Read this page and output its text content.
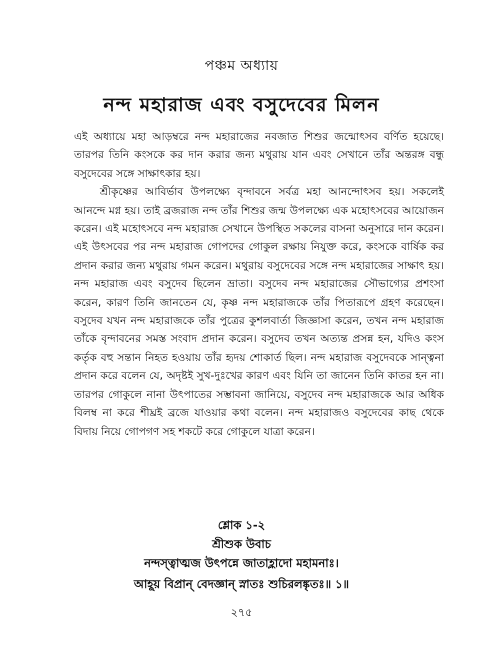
পঞ্চম অধ্যায়
নন্দ মহারাজ এবং বসুদেবের মিলন

এই অধ্যায়ে মহা আড়ম্বরে নন্দ মহারাজের নবজাত শিশুর জন্মোৎসব বর্ণিত হয়েছে। তারপর তিনি কংসকে কর দান করার জন্য মথুরায় যান এবং সেখানে তাঁর অন্তরঙ্গ বন্ধু বসুদেবের সঙ্গে সাক্ষাৎকার হয়।

শ্রীকৃষ্ণের আবির্ভাব উপলক্ষ্যে বৃন্দাবনে সর্বত্র মহা আনন্দোৎসব হয়। সকলেই আনন্দে মগ্ন হয়। তাই ব্রজরাজ নন্দ তাঁর শিশুর জন্ম উপলক্ষ্যে এক মহোৎসবের আয়োজন করেন। এই মহোৎসবে নন্দ মহারাজ সেখানে উপস্থিত সকলের বাসনা অনুসারে দান করেন। এই উৎসবের পর নন্দ মহারাজ গোপদের গোকুল রক্ষায় নিযুক্ত করে, কংসকে বার্ষিক কর প্রদান করার জন্য মথুরায় গমন করেন। মথুরায় বসুদেবের সঙ্গে নন্দ মহারাজের সাক্ষাৎ হয়। নন্দ মহারাজ এবং বসুদেব ছিলেন ভ্রাতা। বসুদেব নন্দ মহারাজের সৌভাগ্যের প্রশংসা করেন, কারণ তিনি জানতেন যে, কৃষ্ণ নন্দ মহারাজকে তাঁর পিতারূপে গ্রহণ করেছেন। বসুদেব যখন নন্দ মহারাজকে তাঁর পুত্রের কুশলবার্তা জিজ্ঞাসা করেন, তখন নন্দ মহারাজ তাঁকে বৃন্দাবনের সমস্ত সংবাদ প্রদান করেন। বসুদেব তখন অত্যন্ত প্রসন্ন হন, যদিও কংস কর্তৃক বহু সন্তান নিহত হওয়ায় তাঁর হৃদয় শোকার্ত ছিল। নন্দ মহারাজ বসুদেবকে সান্ত্বনা প্রদান করে বলেন যে, অদৃষ্টই সুখ-দুঃখের কারণ এবং যিনি তা জানেন তিনি কাতর হন না। তারপর গোকুলে নানা উৎপাতের সম্ভাবনা জানিয়ে, বসুদেব নন্দ মহারাজকে আর অধিক বিলম্ব না করে শীঘ্রই ব্রজে যাওয়ার কথা বলেন। নন্দ মহারাজও বসুদেবের কাছ থেকে বিদায় নিয়ে গোপগণ সহ শকটে করে গোকুলে যাত্রা করেন।

শ্লোক ১-২
শ্রীশুক উবাচ
নন্দস্ত্বাত্মজ উৎপন্নে জাতাহ্লাদো মহামনাঃ।
আহূয় বিপ্রান্ বেদজ্ঞান্ স্নাতঃ শুচিরলঙ্কৃতঃ॥ ১॥
২৭৫
